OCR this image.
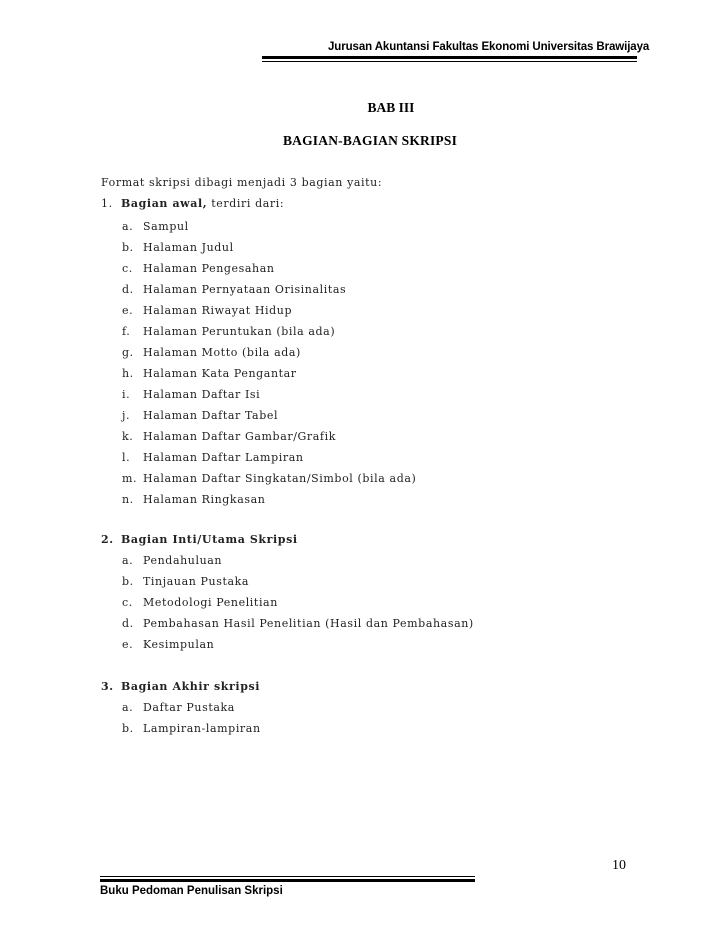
Jurusan Akuntansi Fakultas Ekonomi Universitas Brawijaya
BAB III
BAGIAN-BAGIAN SKRIPSI
Format skripsi dibagi menjadi 3 bagian yaitu:
1. Bagian awal, terdiri dari:
a. Sampul
b. Halaman Judul
c. Halaman Pengesahan
d. Halaman Pernyataan Orisinalitas
e. Halaman Riwayat Hidup
f. Halaman Peruntukan (bila ada)
g. Halaman Motto (bila ada)
h. Halaman Kata Pengantar
i. Halaman Daftar Isi
j. Halaman Daftar Tabel
k. Halaman Daftar Gambar/Grafik
l. Halaman Daftar Lampiran
m. Halaman Daftar Singkatan/Simbol (bila ada)
n. Halaman Ringkasan
2. Bagian Inti/Utama Skripsi
a. Pendahuluan
b. Tinjauan Pustaka
c. Metodologi Penelitian
d. Pembahasan Hasil Penelitian (Hasil dan Pembahasan)
e. Kesimpulan
3. Bagian Akhir skripsi
a. Daftar Pustaka
b. Lampiran-lampiran
10
Buku Pedoman Penulisan Skripsi
